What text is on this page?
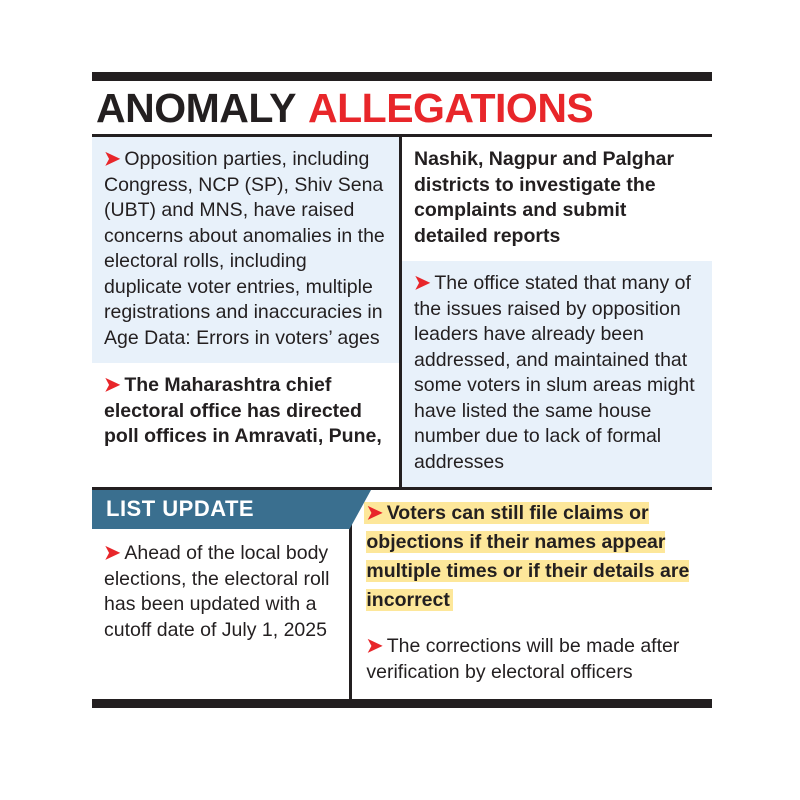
ANOMALY ALLEGATIONS
➤ Opposition parties, including Congress, NCP (SP), Shiv Sena (UBT) and MNS, have raised concerns about anomalies in the electoral rolls, including duplicate voter entries, multiple registrations and inaccuracies in Age Data: Errors in voters’ ages
➤ The Maharashtra chief electoral office has directed poll offices in Amravati, Pune,
Nashik, Nagpur and Palghar districts to investigate the complaints and submit detailed reports
➤ The office stated that many of the issues raised by opposition leaders have already been addressed, and maintained that some voters in slum areas might have listed the same house number due to lack of formal addresses
LIST UPDATE
➤ Ahead of the local body elections, the electoral roll has been updated with a cutoff date of July 1, 2025
➤ Voters can still file claims or objections if their names appear multiple times or if their details are incorrect
➤ The corrections will be made after verification by electoral officers
